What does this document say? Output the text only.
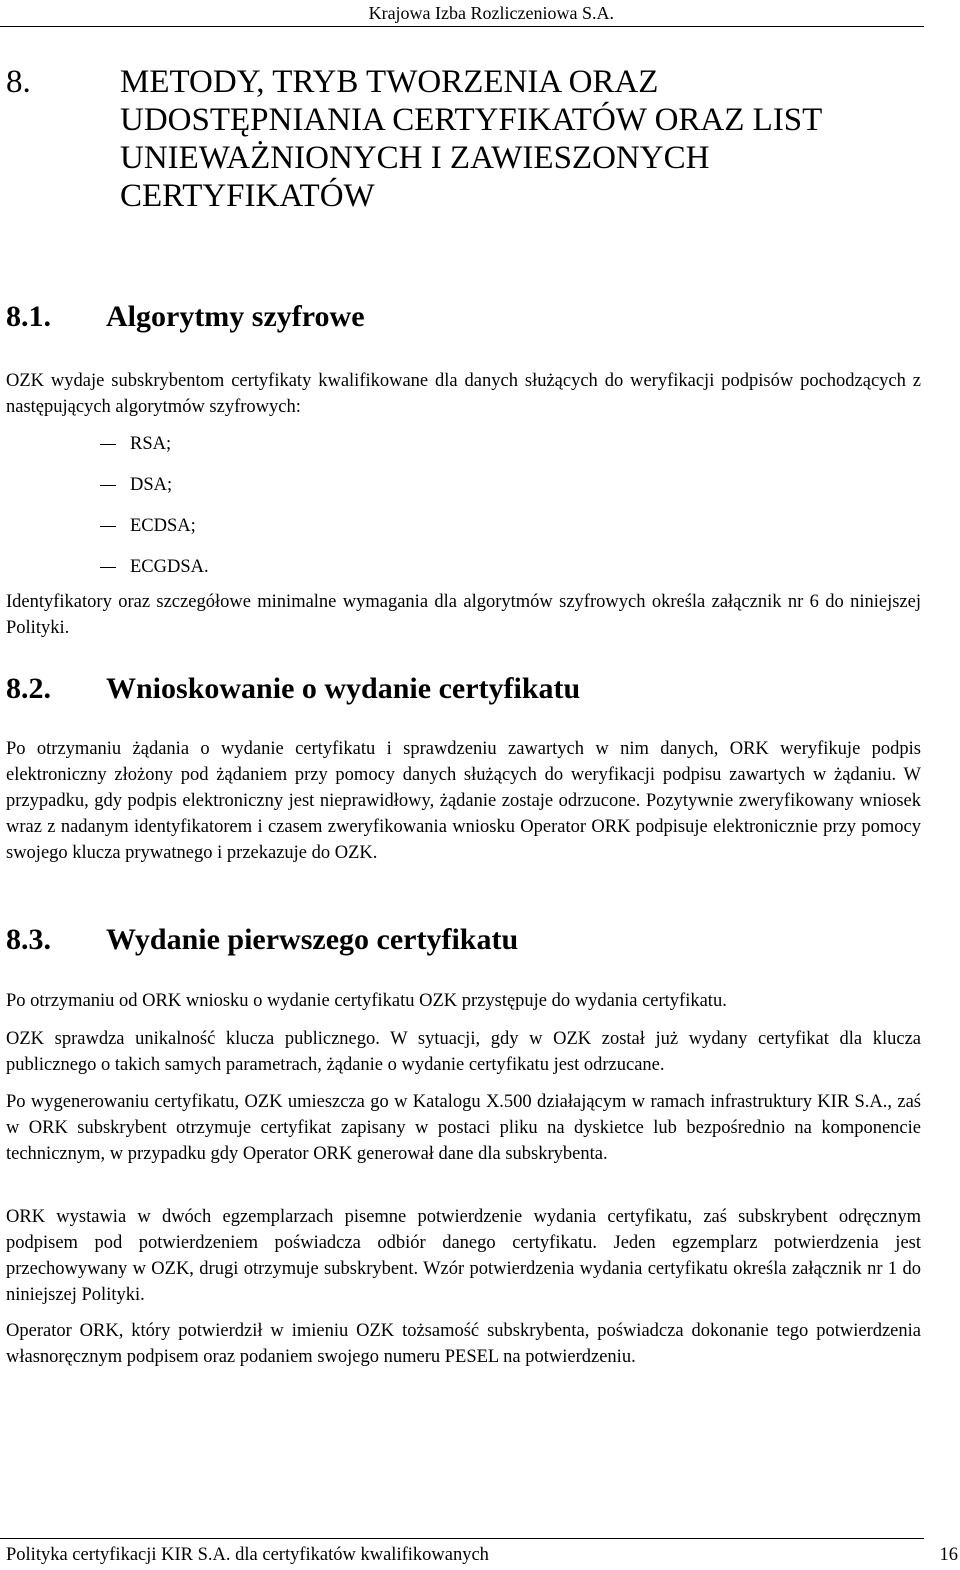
Krajowa Izba Rozliczeniowa S.A.
8.	METODY, TRYB TWORZENIA ORAZ UDOSTĘPNIANIA CERTYFIKATÓW ORAZ LIST UNIEWAŻNIONYCH I ZAWIESZONYCH CERTYFIKATÓW
8.1. Algorytmy szyfrowe

OZK wydaje subskrybentom certyfikaty kwalifikowane dla danych służących do weryfikacji podpisów pochodzących z następujących algorytmów szyfrowych:

RSA;
DSA;
ECDSA;
ECGDSA.

Identyfikatory oraz szczegółowe minimalne wymagania dla algorytmów szyfrowych określa załącznik nr 6 do niniejszej Polityki.

8.2. Wnioskowanie o wydanie certyfikatu

Po otrzymaniu żądania o wydanie certyfikatu i sprawdzeniu zawartych w nim danych, ORK weryfikuje podpis elektroniczny złożony pod żądaniem przy pomocy danych służących do weryfikacji podpisu zawartych w żądaniu. W przypadku, gdy podpis elektroniczny jest nieprawidłowy, żądanie zostaje odrzucone. Pozytywnie zweryfikowany wniosek wraz z nadanym identyfikatorem i czasem zweryfikowania wniosku Operator ORK podpisuje elektronicznie przy pomocy swojego klucza prywatnego i przekazuje do OZK.

8.3. Wydanie pierwszego certyfikatu

Po otrzymaniu od ORK wniosku o wydanie certyfikatu OZK przystępuje do wydania certyfikatu.

OZK sprawdza unikalność klucza publicznego. W sytuacji, gdy w OZK został już wydany certyfikat dla klucza publicznego o takich samych parametrach, żądanie o wydanie certyfikatu jest odrzucane.

Po wygenerowaniu certyfikatu, OZK umieszcza go w Katalogu X.500 działającym w ramach infrastruktury KIR S.A., zaś w ORK subskrybent otrzymuje certyfikat zapisany w postaci pliku na dyskietce lub bezpośrednio na komponencie technicznym, w przypadku gdy Operator ORK generował dane dla subskrybenta.

ORK wystawia w dwóch egzemplarzach pisemne potwierdzenie wydania certyfikatu, zaś subskrybent odręcznym podpisem pod potwierdzeniem poświadcza odbiór danego certyfikatu. Jeden egzemplarz potwierdzenia jest przechowywany w OZK, drugi otrzymuje subskrybent. Wzór potwierdzenia wydania certyfikatu określa załącznik nr 1 do niniejszej Polityki.

Operator ORK, który potwierdził w imieniu OZK tożsamość subskrybenta, poświadcza dokonanie tego potwierdzenia własnoręcznym podpisem oraz podaniem swojego numeru PESEL na potwierdzeniu.

Polityka certyfikacji KIR S.A. dla certyfikatów kwalifikowanych	16
